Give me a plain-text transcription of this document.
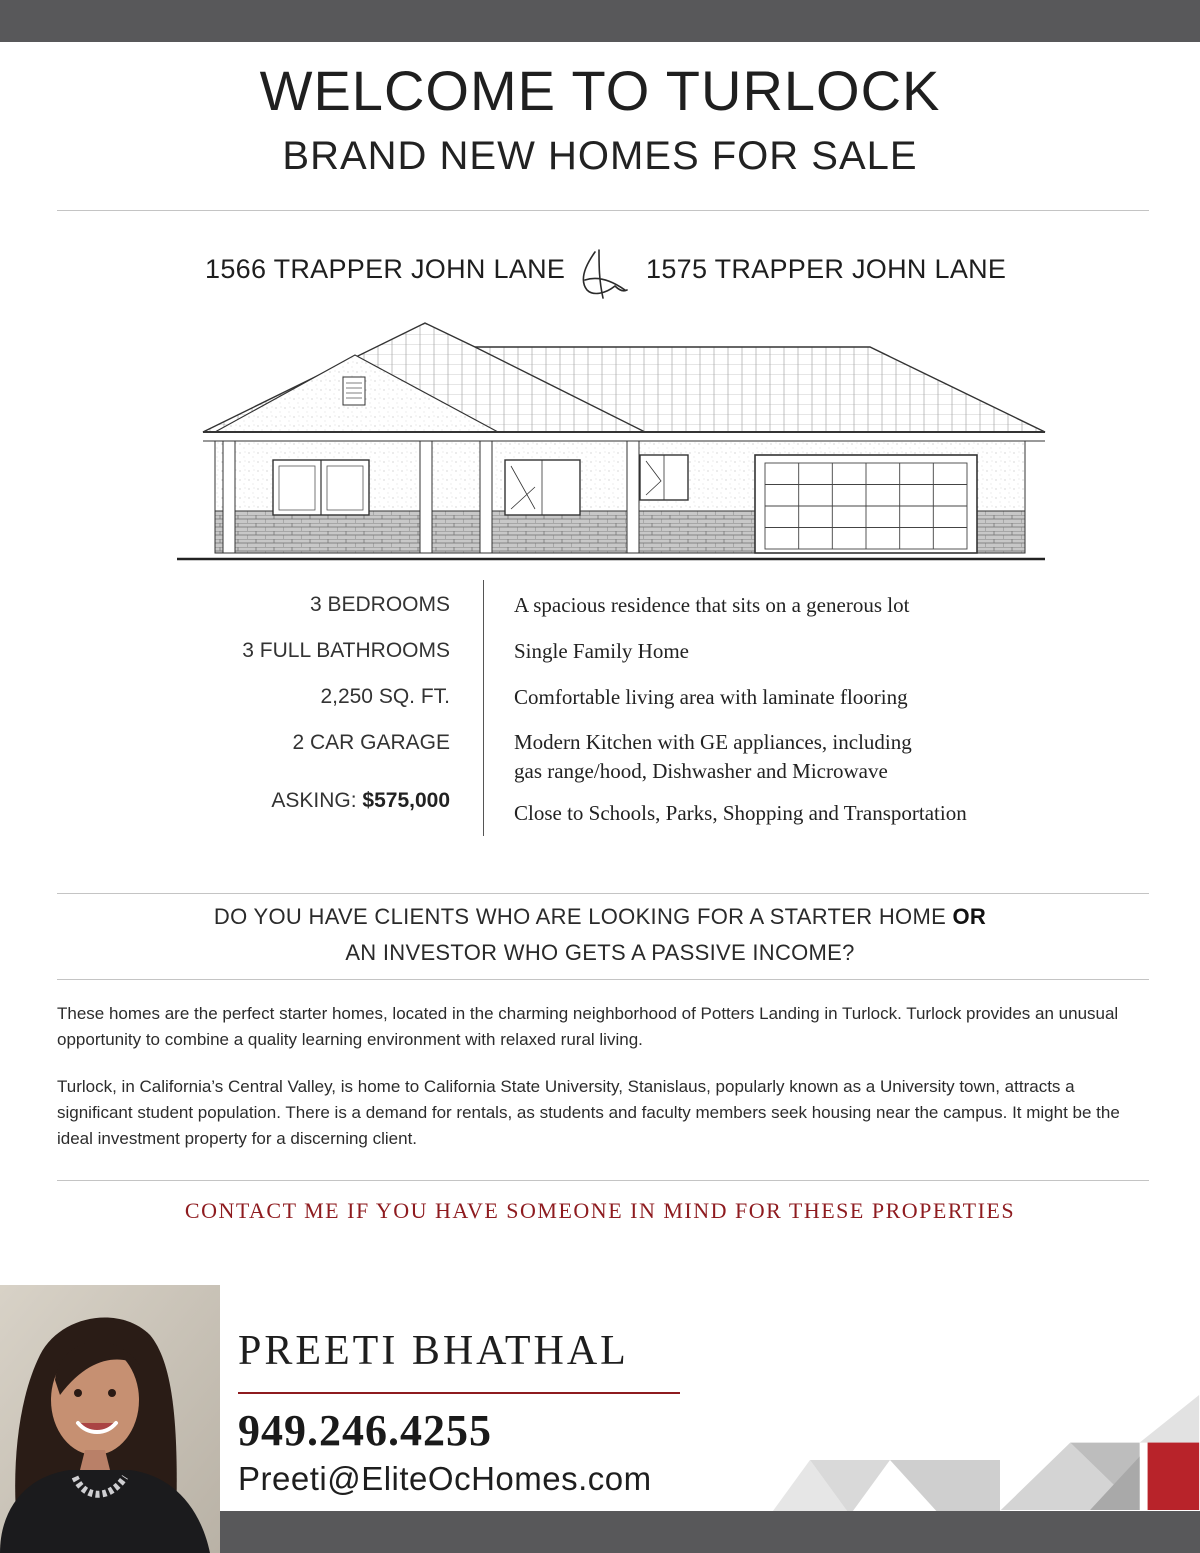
WELCOME TO TURLOCK
BRAND NEW HOMES FOR SALE
1566 TRAPPER JOHN LANE	1575 TRAPPER JOHN LANE
3 BEDROOMS
3 FULL BATHROOMS
2,250 SQ. FT.
2 CAR GARAGE
ASKING: $575,000
A spacious residence that sits on a generous lot
Single Family Home
Comfortable living area with laminate flooring
Modern Kitchen with GE appliances, including
gas range/hood, Dishwasher and Microwave
Close to Schools, Parks, Shopping and Transportation
DO YOU HAVE CLIENTS WHO ARE LOOKING FOR A STARTER HOME OR
AN INVESTOR WHO GETS A PASSIVE INCOME?
These homes are the perfect starter homes, located in the charming neighborhood of Potters Landing in Turlock. Turlock provides an unusual opportunity to combine a quality learning environment with relaxed rural living.
Turlock, in California’s Central Valley, is home to California State University, Stanislaus, popularly known as a University town, attracts a significant student population. There is a demand for rentals, as students and faculty members seek housing near the campus. It might be the ideal investment property for a discerning client.
CONTACT ME IF YOU HAVE SOMEONE IN MIND FOR THESE PROPERTIES
PREETI BHATHAL
949.246.4255
Preeti@EliteOcHomes.com
